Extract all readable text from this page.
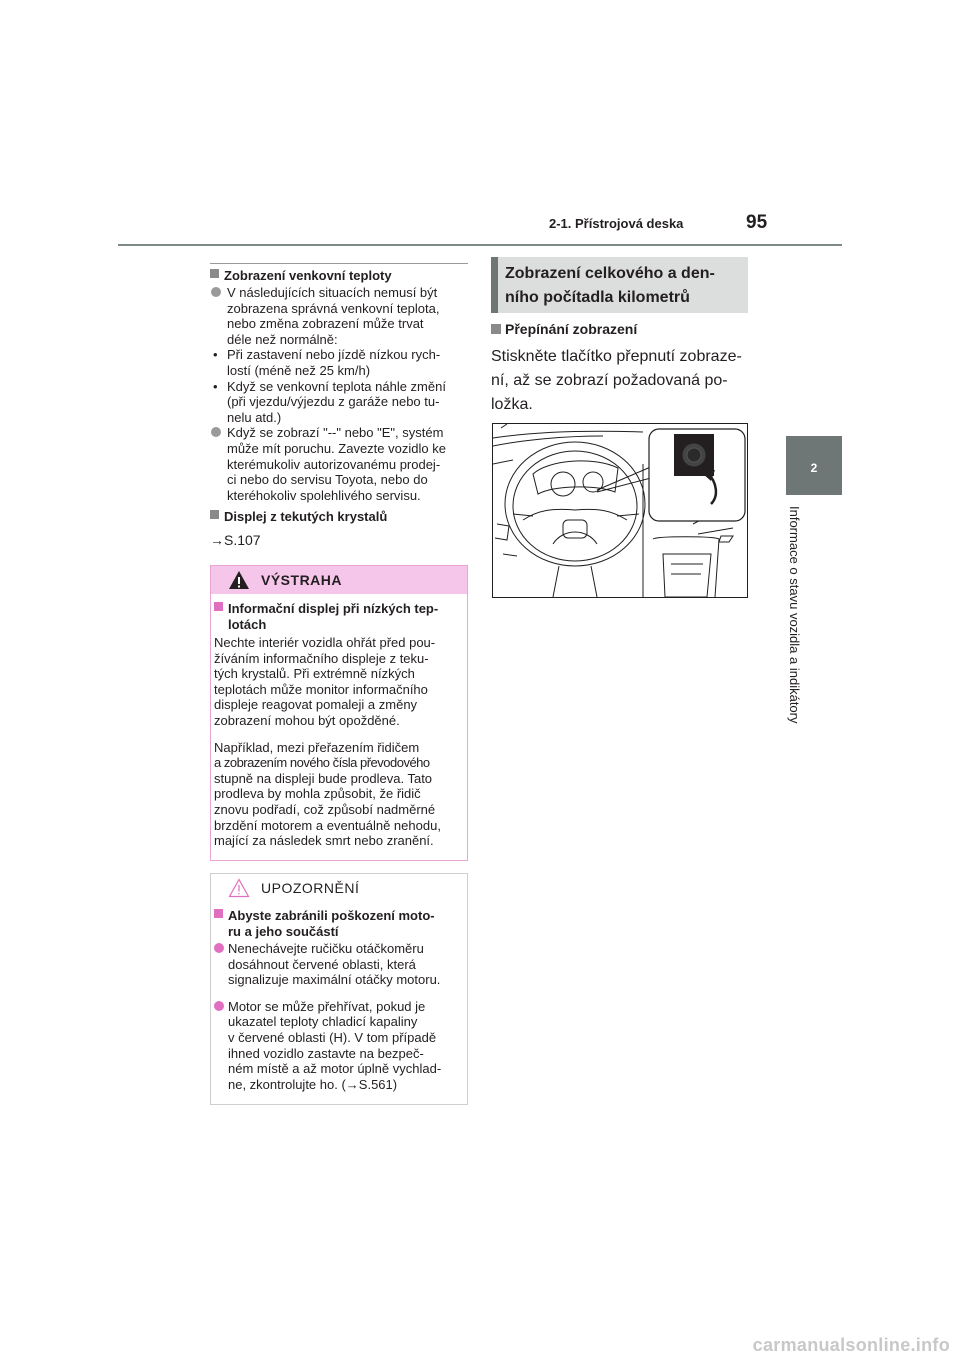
2-1. Přístrojová deska	95
2
Informace o stavu vozidla a indikátory
Zobrazení venkovní teploty
V následujících situacích nemusí být
zobrazena správná venkovní teplota,
nebo změna zobrazení může trvat
déle než normálně:
• Při zastavení nebo jízdě nízkou rych-
lostí (méně než 25 km/h)
• Když se venkovní teplota náhle změní
(při vjezdu/výjezdu z garáže nebo tu-
nelu atd.)
Když se zobrazí "--" nebo "E", systém
může mít poruchu. Zavezte vozidlo ke
kterémukoliv autorizovanému prodej-
ci nebo do servisu Toyota, nebo do
kteréhokoliv spolehlivého servisu.
Displej z tekutých krystalů
→S.107
VÝSTRAHA
Informační displej při nízkých tep-
lotách
Nechte interiér vozidla ohřát před pou-
žíváním informačního displeje z teku-
tých krystalů. Při extrémně nízkých
teplotách může monitor informačního
displeje reagovat pomaleji a změny
zobrazení mohou být opožděné.
Například, mezi přeřazením řidičem
a zobrazením nového čísla převodového
stupně na displeji bude prodleva. Tato
prodleva by mohla způsobit, že řidič
znovu podřadí, což způsobí nadměrné
brzdění motorem a eventuálně nehodu,
mající za následek smrt nebo zranění.
UPOZORNĚNÍ
Abyste zabránili poškození moto-
ru a jeho součástí
Nenechávejte ručičku otáčkoměru
dosáhnout červené oblasti, která
signalizuje maximální otáčky motoru.
Motor se může přehřívat, pokud je
ukazatel teploty chladicí kapaliny
v červené oblasti (H). V tom případě
ihned vozidlo zastavte na bezpeč-
ném místě a až motor úplně vychlad-
ne, zkontrolujte ho. (→S.561)
Zobrazení celkového a den-
ního počítadla kilometrů
Přepínání zobrazení
Stiskněte tlačítko přepnutí zobraze-
ní, až se zobrazí požadovaná po-
ložka.
carmanualsonline.info
